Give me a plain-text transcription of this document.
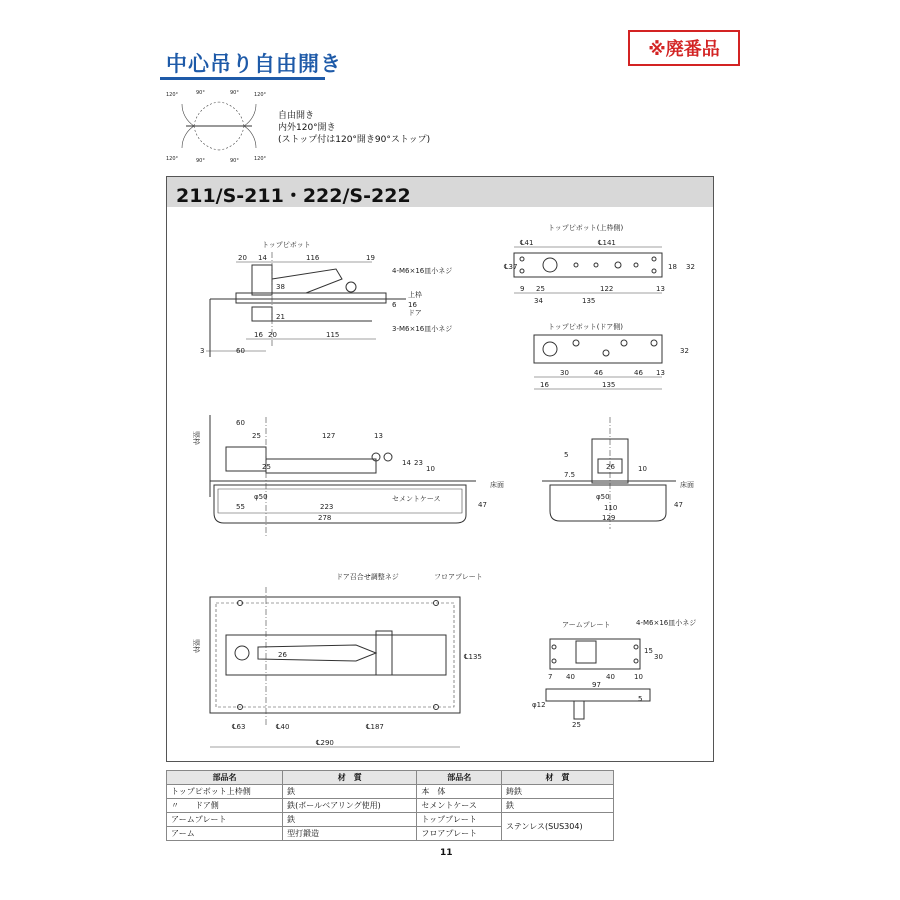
中心吊り自由開き
※廃番品
120°	90°
120°	90°
120°
90°
120°
90°
自由開き
内外120°開き
(ストップ付は120°開き90°ストップ)
211/S-211・222/S-222
トップピボット
20 14	116	19
38
21
6 16
16 20	115
3	60
4-M6×16皿小ネジ
上枠
ドア
3-M6×16皿小ネジ
トップピボット(上枠側)
℄41	℄141
℄37	18 32
9 25	122	13
34	135
トップピボット(ドア側)
32
30	46	46 13
16	135
竪枠
60
25	127	13
25	14 23
10
φ50	セメントケース
床面
55	223
278
47
5
26
7.5
10
φ50
110
129
47
床面
ドア召合せ調整ネジ	フロアプレート
竪枠
26	℄135
℄63	℄40	℄187
℄290
アームプレート	4-M6×16皿小ネジ
15
30
7 40	40	10
97
φ12
5
25
部品名	材　質	部品名	材　質
トップピボット上枠側	鉄	本　体	鋳鉄
〃　　ドア側	鉄(ボールベアリング使用)	セメントケース	鉄
アームプレート	鉄	トッププレート	ステンレス(SUS304)
アーム	型打鍛造	フロアプレート	
11
